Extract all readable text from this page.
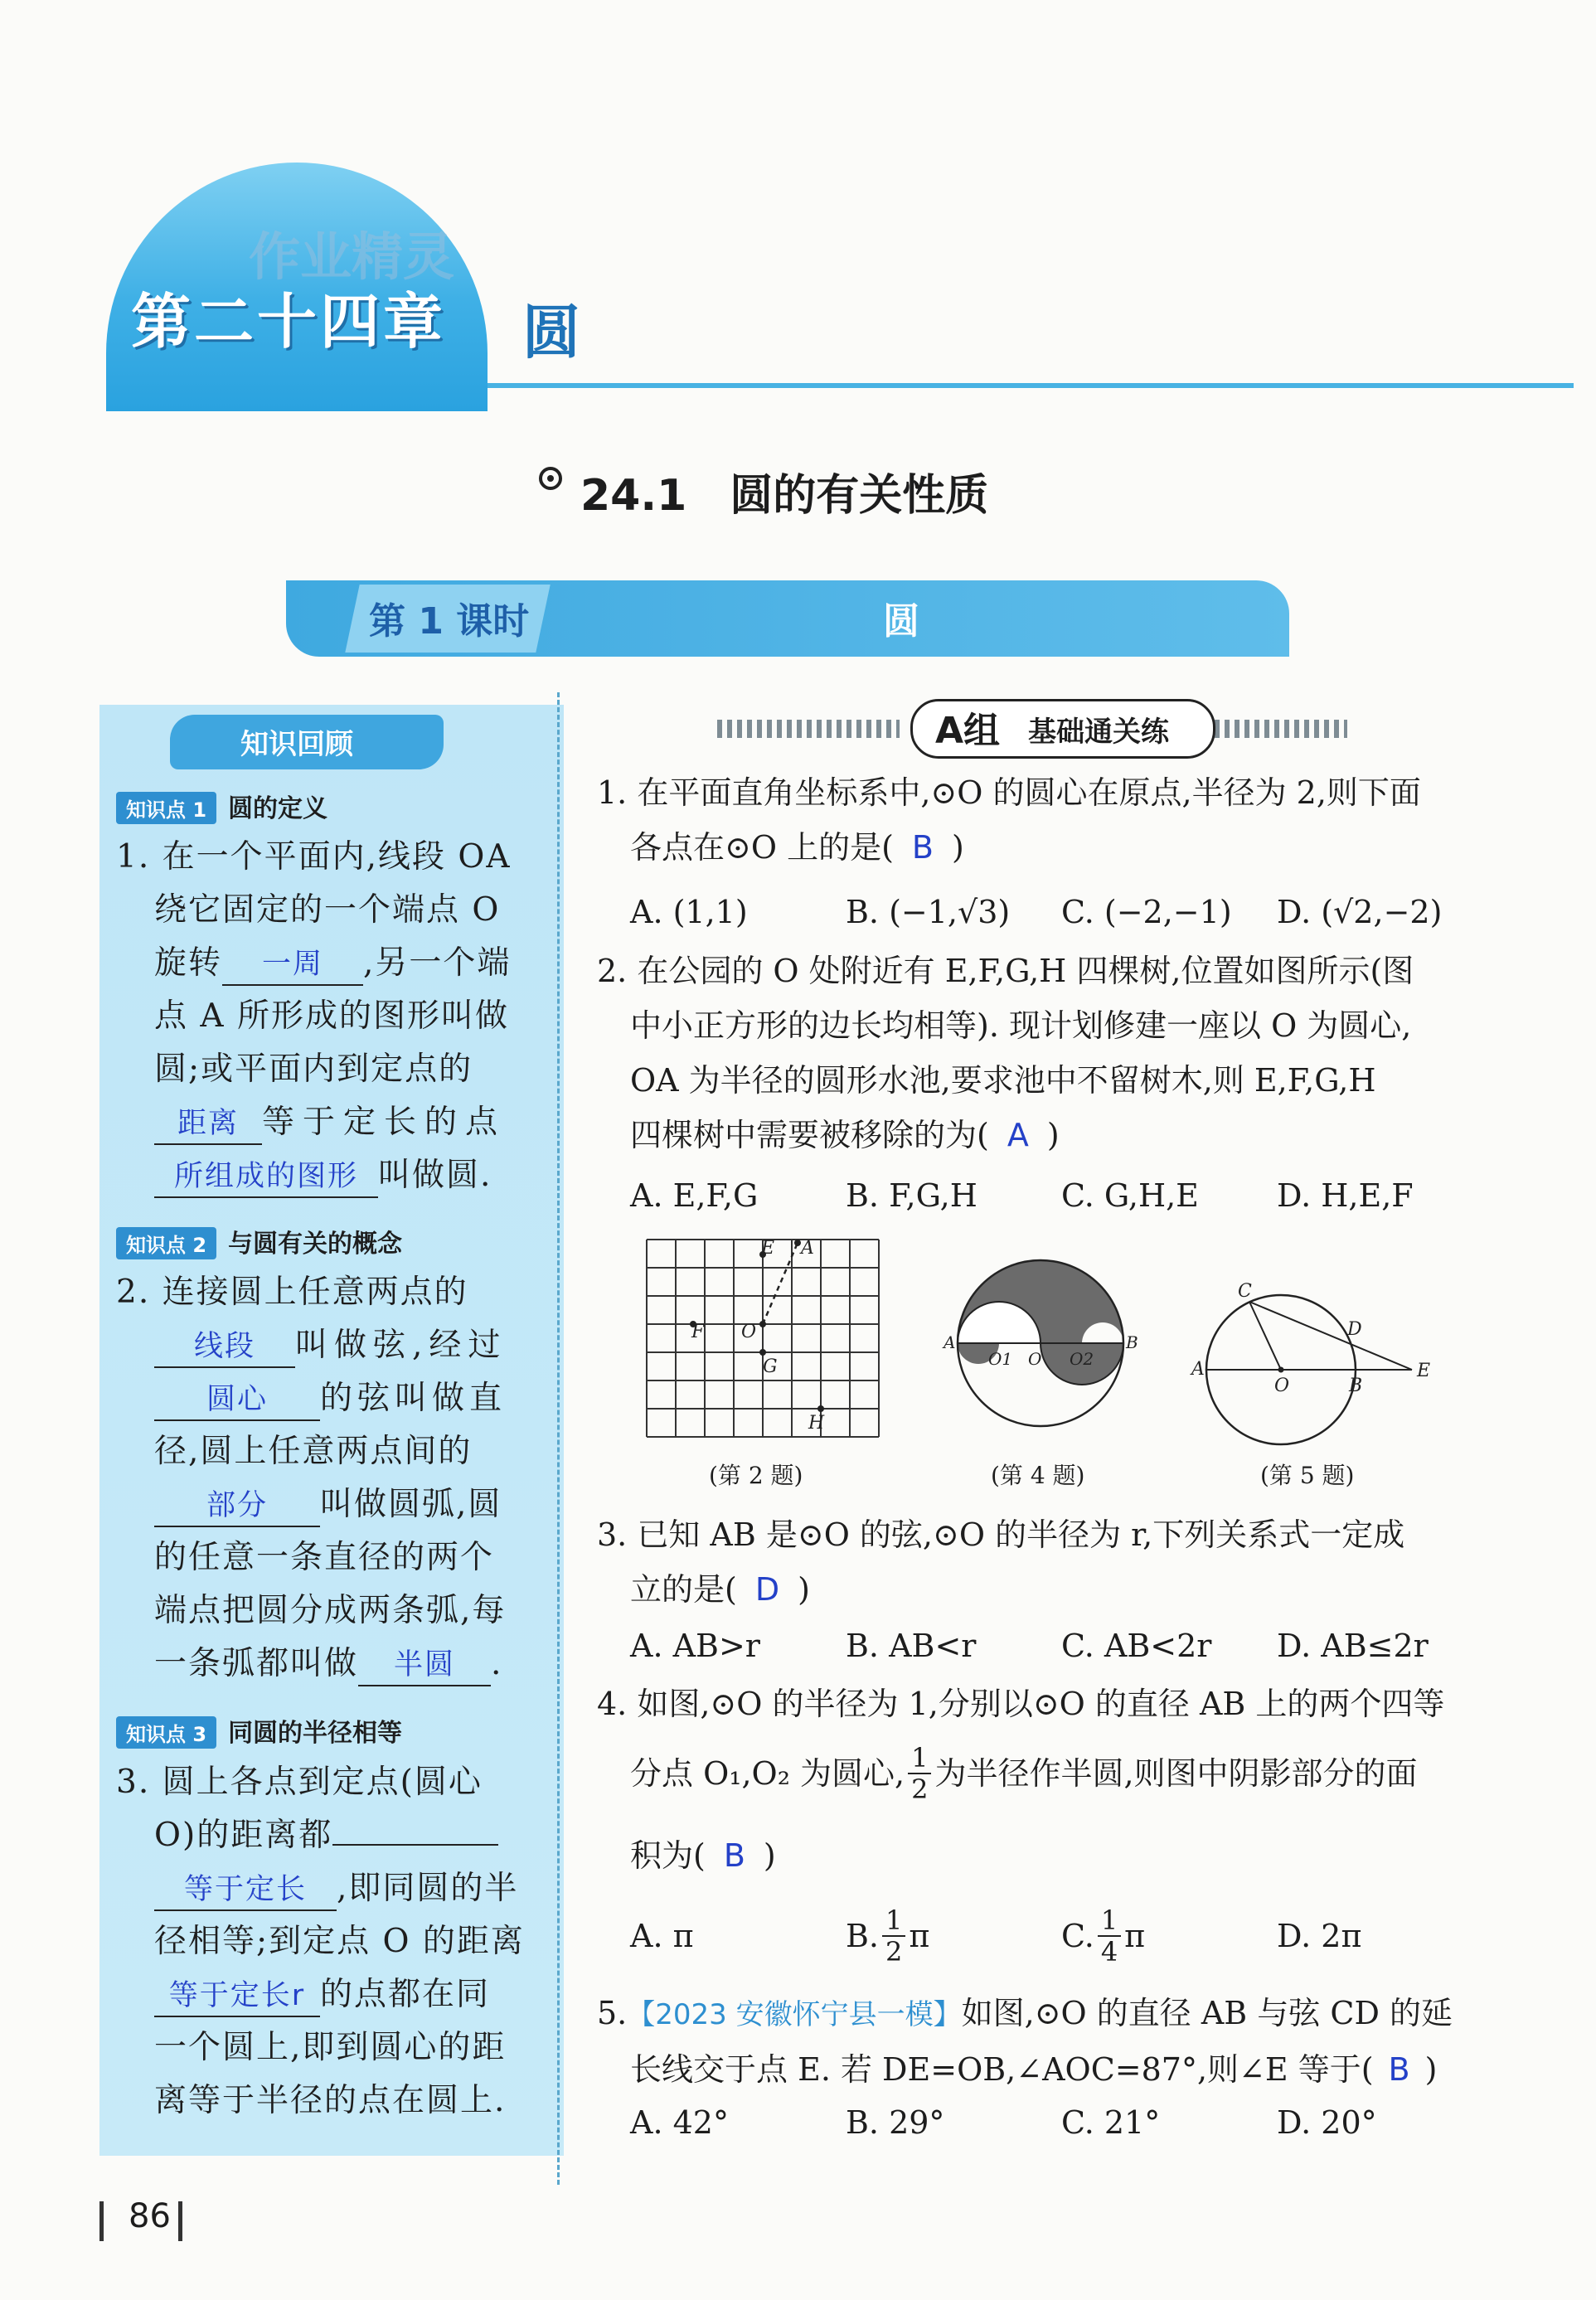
作业精灵
第二十四章 圆
24.1　圆的有关性质
第 1 课时	圆
知识回顾
知识点 1 圆的定义
1. 在一个平面内,线段 OA
绕它固定的一个端点 O
旋转 一周 ,另一个端
点 A 所形成的图形叫做
圆;或平面内到定点的
距离 等于定长的点
所组成的图形 叫做圆.
知识点 2 与圆有关的概念
2. 连接圆上任意两点的
线段 叫做弦,经过
圆心 的弦叫做直
径,圆上任意两点间的
部分 叫做圆弧,圆
的任意一条直径的两个
端点把圆分成两条弧,每
一条弧都叫做 半圆 .
知识点 3 同圆的半径相等
3. 圆上各点到定点(圆心
O)的距离都
等于定长 ,即同圆的半
径相等;到定点 O 的距离
等于定长r 的点都在同
一个圆上,即到圆心的距
离等于半径的点在圆上.
A组 基础通关练
1. 在平面直角坐标系中,⊙O 的圆心在原点,半径为 2,则下面
各点在⊙O 上的是( B )
A. (1,1)	B. (−1,√3)	C. (−2,−1)	D. (√2,−2)
2. 在公园的 O 处附近有 E,F,G,H 四棵树,位置如图所示(图
中小正方形的边长均相等). 现计划修建一座以 O 为圆心,
OA 为半径的圆形水池,要求池中不留树木,则 E,F,G,H
四棵树中需要被移除的为( A )
A. E,F,G	B. F,G,H	C. G,H,E	D. H,E,F
E A
F O
G
H
(第 2 题)
A
O1 O O2
B
(第 4 题)
C
D
A
O	B
E
(第 5 题)
3. 已知 AB 是⊙O 的弦,⊙O 的半径为 r,下列关系式一定成
立的是( D )
A. AB>r	B. AB<r	C. AB<2r	D. AB≤2r
4. 如图,⊙O 的半径为 1,分别以⊙O 的直径 AB 上的两个四等
分点 O₁,O₂ 为圆心, $\frac{1}{2}$ 为半径作半圆,则图中阴影部分的面
积为( B )
A. π	B. $\frac{1}{2}$ π	C. $\frac{1}{4}$ π	D. 2π
5.【2023 安徽怀宁县一模】如图,⊙O 的直径 AB 与弦 CD 的延
长线交于点 E. 若 DE=OB,∠AOC=87°,则∠E 等于( B )
A. 42°	B. 29°	C. 21°	D. 20°
86
